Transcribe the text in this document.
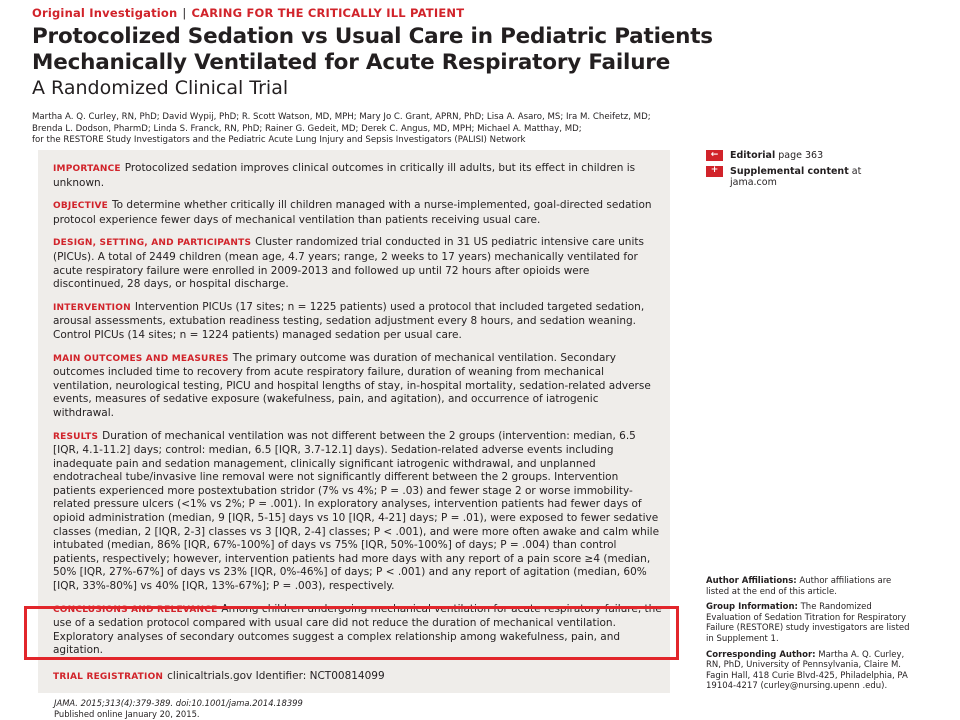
Original Investigation | CARING FOR THE CRITICALLY ILL PATIENT
Protocolized Sedation vs Usual Care in Pediatric Patients
Mechanically Ventilated for Acute Respiratory Failure
A Randomized Clinical Trial
Martha A. Q. Curley, RN, PhD; David Wypij, PhD; R. Scott Watson, MD, MPH; Mary Jo C. Grant, APRN, PhD; Lisa A. Asaro, MS; Ira M. Cheifetz, MD;
Brenda L. Dodson, PharmD; Linda S. Franck, RN, PhD; Rainer G. Gedeit, MD; Derek C. Angus, MD, MPH; Michael A. Matthay, MD;
for the RESTORE Study Investigators and the Pediatric Acute Lung Injury and Sepsis Investigators (PALISI) Network

IMPORTANCE Protocolized sedation improves clinical outcomes in critically ill adults, but its effect in children is unknown.

OBJECTIVE To determine whether critically ill children managed with a nurse-implemented, goal-directed sedation protocol experience fewer days of mechanical ventilation than patients receiving usual care.

DESIGN, SETTING, AND PARTICIPANTS Cluster randomized trial conducted in 31 US pediatric intensive care units (PICUs). A total of 2449 children (mean age, 4.7 years; range, 2 weeks to 17 years) mechanically ventilated for acute respiratory failure were enrolled in 2009-2013 and followed up until 72 hours after opioids were discontinued, 28 days, or hospital discharge.

INTERVENTION Intervention PICUs (17 sites; n = 1225 patients) used a protocol that included targeted sedation, arousal assessments, extubation readiness testing, sedation adjustment every 8 hours, and sedation weaning. Control PICUs (14 sites; n = 1224 patients) managed sedation per usual care.

MAIN OUTCOMES AND MEASURES The primary outcome was duration of mechanical ventilation. Secondary outcomes included time to recovery from acute respiratory failure, duration of weaning from mechanical ventilation, neurological testing, PICU and hospital lengths of stay, in-hospital mortality, sedation-related adverse events, measures of sedative exposure (wakefulness, pain, and agitation), and occurrence of iatrogenic withdrawal.

RESULTS Duration of mechanical ventilation was not different between the 2 groups (intervention: median, 6.5 [IQR, 4.1-11.2] days; control: median, 6.5 [IQR, 3.7-12.1] days). Sedation-related adverse events including inadequate pain and sedation management, clinically significant iatrogenic withdrawal, and unplanned endotracheal tube/invasive line removal were not significantly different between the 2 groups. Intervention patients experienced more postextubation stridor (7% vs 4%; P = .03) and fewer stage 2 or worse immobility-related pressure ulcers (<1% vs 2%; P = .001). In exploratory analyses, intervention patients had fewer days of opioid administration (median, 9 [IQR, 5-15] days vs 10 [IQR, 4-21] days; P = .01), were exposed to fewer sedative classes (median, 2 [IQR, 2-3] classes vs 3 [IQR, 2-4] classes; P < .001), and were more often awake and calm while intubated (median, 86% [IQR, 67%-100%] of days vs 75% [IQR, 50%-100%] of days; P = .004) than control patients, respectively; however, intervention patients had more days with any report of a pain score ≥4 (median, 50% [IQR, 27%-67%] of days vs 23% [IQR, 0%-46%] of days; P < .001) and any report of agitation (median, 60% [IQR, 33%-80%] vs 40% [IQR, 13%-67%]; P = .003), respectively.

CONCLUSIONS AND RELEVANCE Among children undergoing mechanical ventilation for acute respiratory failure, the use of a sedation protocol compared with usual care did not reduce the duration of mechanical ventilation. Exploratory analyses of secondary outcomes suggest a complex relationship among wakefulness, pain, and agitation.

TRIAL REGISTRATION clinicaltrials.gov Identifier: NCT00814099

JAMA. 2015;313(4):379-389. doi:10.1001/jama.2014.18399
Published online January 20, 2015.
←	Editorial page 363
+	Supplemental content at jama.com

Author Affiliations: Author affiliations are listed at the end of this article.

Group Information: The Randomized Evaluation of Sedation Titration for Respiratory Failure (RESTORE) study investigators are listed in Supplement 1.

Corresponding Author: Martha A. Q. Curley, RN, PhD, University of Pennsylvania, Claire M. Fagin Hall, 418 Curie Blvd-425, Philadelphia, PA 19104-4217 (curley@nursing.upenn .edu).
